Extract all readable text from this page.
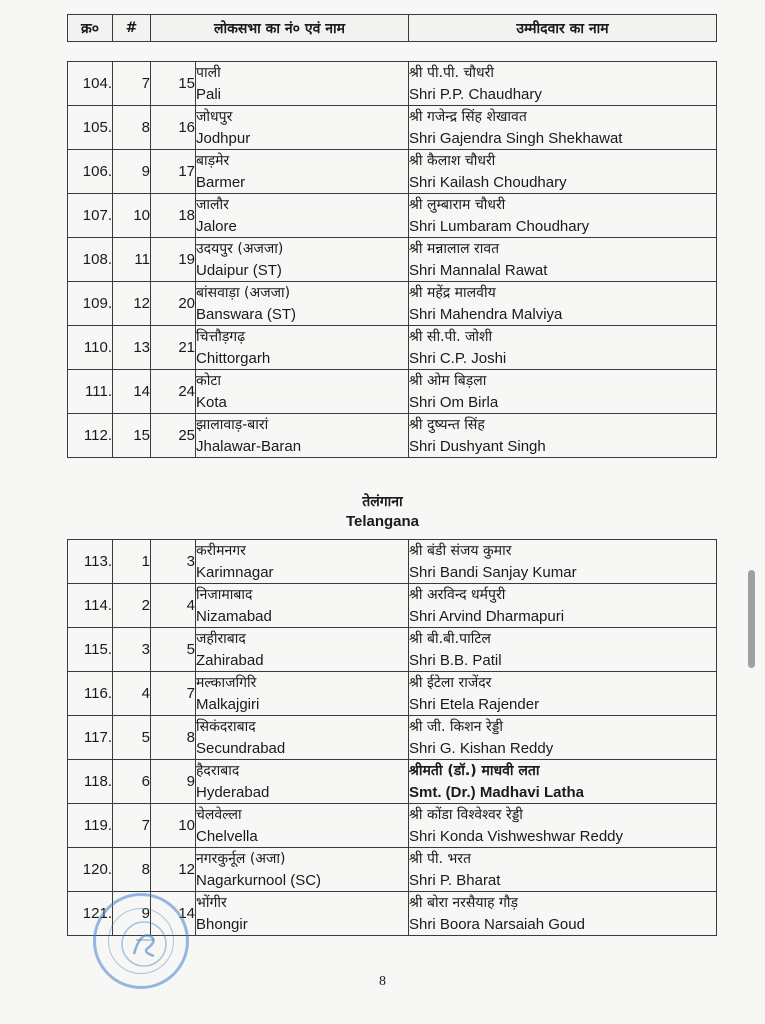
क्र०	#	लोकसभा का नं० एवं नाम	उम्मीदवार का नाम
104.	7	15	पाली
Pali	श्री पी.पी. चौधरी
Shri P.P. Chaudhary

105.	8	16	जोधपुर
Jodhpur	श्री गजेन्द्र सिंह शेखावत
Shri Gajendra Singh Shekhawat

106.	9	17	बाड़मेर
Barmer	श्री कैलाश चौधरी
Shri Kailash Choudhary

107.	10	18	जालौर
Jalore	श्री लुम्बाराम चौधरी
Shri Lumbaram Choudhary

108.	11	19	उदयपुर (अजजा)
Udaipur (ST)	श्री मन्नालाल रावत
Shri Mannalal Rawat

109.	12	20	बांसवाड़ा (अजजा)
Banswara (ST)	श्री महेंद्र मालवीय
Shri Mahendra Malviya

110.	13	21	चित्तौड़गढ़
Chittorgarh	श्री सी.पी. जोशी
Shri C.P. Joshi

111.	14	24	कोटा
Kota	श्री ओम बिड़ला
Shri Om Birla

112.	15	25	झालावाड़-बारां
Jhalawar-Baran	श्री दुष्यन्त सिंह
Shri Dushyant Singh
तेलंगाना
Telangana
113.	1	3	करीमनगर
Karimnagar	श्री बंडी संजय कुमार
Shri Bandi Sanjay Kumar

114.	2	4	निजामाबाद
Nizamabad	श्री अरविन्द धर्मपुरी
Shri Arvind Dharmapuri

115.	3	5	जहीराबाद
Zahirabad	श्री बी.बी.पाटिल
Shri B.B. Patil

116.	4	7	मल्काजगिरि
Malkajgiri	श्री ईटेला राजेंदर
Shri Etela Rajender

117.	5	8	सिकंदराबाद
Secundrabad	श्री जी. किशन रेड्डी
Shri G. Kishan Reddy

118.	6	9	हैदराबाद
Hyderabad	श्रीमती (डॉ.) माधवी लता
Smt. (Dr.) Madhavi Latha

119.	7	10	चेलवेल्ला
Chelvella	श्री कोंडा विश्वेश्वर रेड्डी
Shri Konda Vishweshwar Reddy

120.	8	12	नगरकुर्नूल (अजा)
Nagarkurnool (SC)	श्री पी. भरत
Shri P. Bharat

121.	9	14	भोंगीर
Bhongir	श्री बोरा नरसैयाह गौड़
Shri Boora Narsaiah Goud
8
